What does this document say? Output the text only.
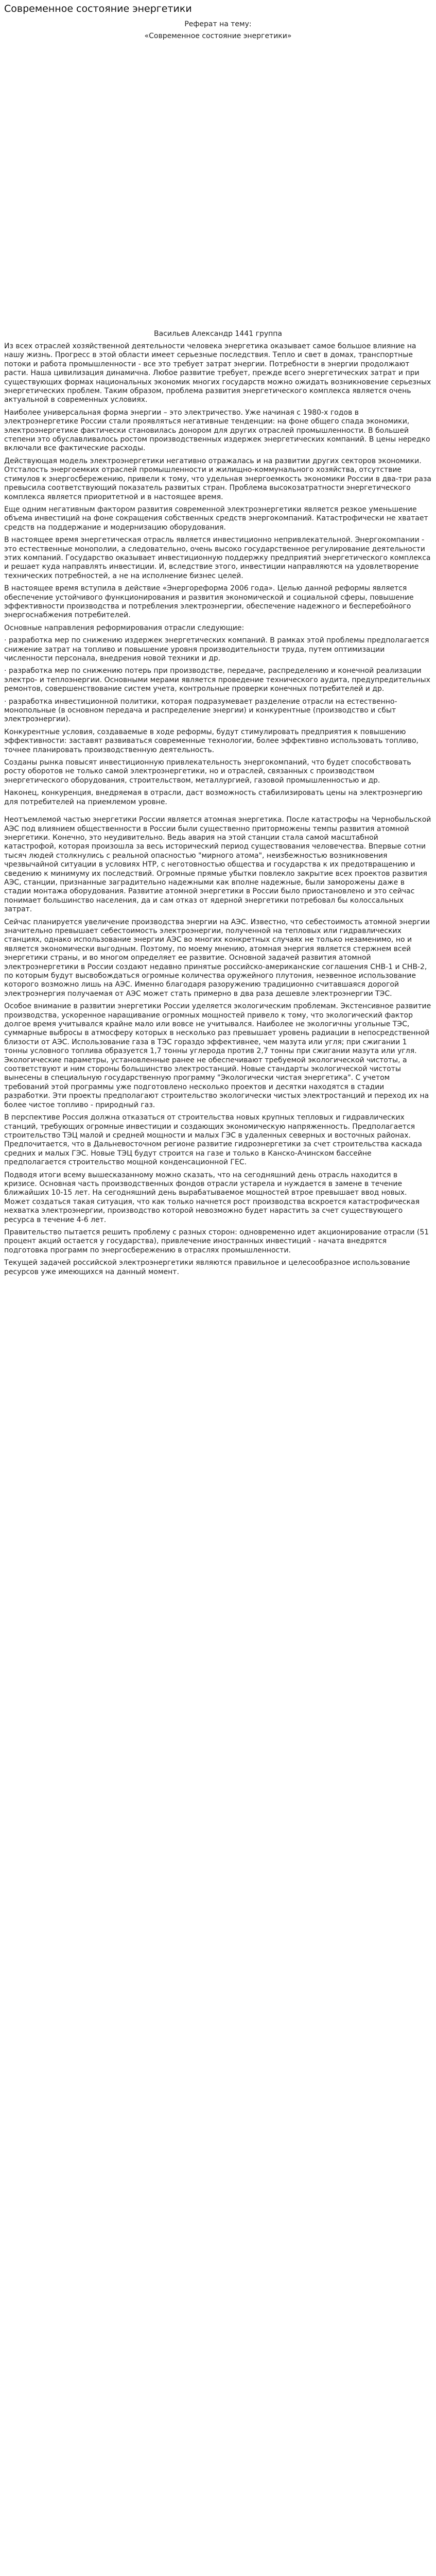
Современное состояние энергетики
Реферат на тему:
«Современное состояние энергетики»
Васильев Александр 1441 группа

Из всех отраслей хозяйственной деятельности человека энергетика оказывает самое большое влияние на нашу жизнь. Прогресс в этой области имеет серьезные последствия. Тепло и свет в домах, транспортные потоки и работа промышленности - все это требует затрат энергии. Потребности в энергии продолжают расти. Наша цивилизация динамична. Любое развитие требует, прежде всего энергетических затрат и при существующих формах национальных экономик многих государств можно ожидать возникновение серьезных энергетических проблем. Таким образом, проблема развития энергетического комплекса является очень актуальной в современных условиях.

Наиболее универсальная форма энергии – это электричество. Уже начиная с 1980-х годов в электроэнергетике России стали проявляться негативные тенденции: на фоне общего спада экономики, электроэнергетике фактически становилась донором для других отраслей промышленности. В большей степени это обуславливалось ростом производственных издержек энергетических компаний. В цены нередко включали все фактические расходы.

Действующая модель электроэнергетики негативно отражалась и на развитии других секторов экономики. Отсталость энергоемких отраслей промышленности и жилищно-коммунального хозяйства, отсутствие стимулов к энергосбережению, привели к тому, что удельная энергоемкость экономики России в два-три раза превысила соответствующий показатель развитых стран. Проблема высокозатратности энергетического комплекса является приоритетной и в настоящее время.

Еще одним негативным фактором развития современной электроэнергетики является резкое уменьшение объема инвестиций на фоне сокращения собственных средств энергокомпаний. Катастрофически не хватает средств на поддержание и модернизацию оборудования.

В настоящее время энергетическая отрасль является инвестиционно непривлекательной. Энергокомпании - это естественные монополии, а следовательно, очень высоко государственное регулирование деятельности этих компаний. Государство оказывает инвестиционную поддержку предприятий энергетического комплекса и решает куда направлять инвестиции. И, вследствие этого, инвестиции направляются на удовлетворение технических потребностей, а не на исполнение бизнес целей.

В настоящее время вступила в действие «Энергореформа 2006 года». Целью данной реформы является обеспечение устойчивого функционирования и развития экономической и социальной сферы, повышение эффективности производства и потребления электроэнергии, обеспечение надежного и бесперебойного энергоснабжения потребителей.

Основные направления реформирования отрасли следующие:

· разработка мер по снижению издержек энергетических компаний. В рамках этой проблемы предполагается снижение затрат на топливо и повышение уровня производительности труда, путем оптимизации численности персонала, внедрения новой техники и др.

· разработка мер по снижению потерь при производстве, передаче, распределению и конечной реализации электро- и теплоэнергии. Основными мерами является проведение технического аудита, предупредительных ремонтов, совершенствование систем учета, контрольные проверки конечных потребителей и др.

· разработка инвестиционной политики, которая подразумевает разделение отрасли на естественно- монопольные (в основном передача и распределение энергии) и конкурентные (производство и сбыт электроэнергии).

Конкурентные условия, создаваемые в ходе реформы, будут стимулировать предприятия к повышению эффективности: заставят развиваться современные технологии, более эффективно использовать топливо, точнее планировать производственную деятельность.

Созданы рынка повысят инвестиционную привлекательность энергокомпаний, что будет способствовать росту оборотов не только самой электроэнергетики, но и отраслей, связанных с производством энергетического оборудования, строительством, металлургией, газовой промышленностью и др.

Наконец, конкуренция, внедряемая в отрасли, даст возможность стабилизировать цены на электроэнергию для потребителей на приемлемом уровне.

Неотъемлемой частью энергетики России является атомная энергетика. После катастрофы на Чернобыльской АЭС под влиянием общественности в России были существенно приторможены темпы развития атомной энергетики. Конечно, это неудивительно. Ведь авария на этой станции стала самой масштабной катастрофой, которая произошла за весь исторический период существования человечества. Впервые сотни тысяч людей столкнулись с реальной опасностью "мирного атома", неизбежностью возникновения чрезвычайной ситуации в условиях НТР, с неготовностью общества и государства к их предотвращению и сведению к минимуму их последствий. Огромные прямые убытки повлекло закрытие всех проектов развития АЭС, станции, признанные заградительно надежными как вполне надежные, были заморожены даже в стадии монтажа оборудования. Развитие атомной энергетики в России было приостановлено и это сейчас понимает большинство населения, да и сам отказ от ядерной энергетики потребовал бы колоссальных затрат.

Сейчас планируется увеличение производства энергии на АЭС. Известно, что себестоимость атомной энергии значительно превышает себестоимость электроэнергии, полученной на тепловых или гидравлических станциях, однако использование энергии АЭС во многих конкретных случаях не только незаменимо, но и является экономически выгодным. Поэтому, по моему мнению, атомная энергия является стержнем всей энергетики страны, и во многом определяет ее развитие. Основной задачей развития атомной электроэнергетики в России создают недавно принятые российско-американские соглашения СНВ-1 и СНВ-2, по которым будут высвобождаться огромные количества оружейного плутония, неэвенное использование которого возможно лишь на АЭС. Именно благодаря разоружению традиционно считавшаяся дорогой электроэнергия получаемая от АЭС может стать примерно в два раза дешевле электроэнергии ТЭС.

Особое внимание в развитии энергетики России уделяется экологическим проблемам. Экстенсивное развитие производства, ускоренное наращивание огромных мощностей привело к тому, что экологический фактор долгое время учитывался крайне мало или вовсе не учитывался. Наиболее не экологичны угольные ТЭС, суммарные выбросы в атмосферу которых в несколько раз превышает уровень радиации в непосредственной близости от АЭС. Использование газа в ТЭС гораздо эффективнее, чем мазута или угля; при сжигании 1 тонны условного топлива образуется 1,7 тонны углерода против 2,7 тонны при сжигании мазута или угля. Экологические параметры, установленные ранее не обеспечивают требуемой экологической чистоты, а соответствуют и ним стороны большинство электростанций. Новые стандарты экологической чистоты вынесены в специальную государственную программу "Экологически чистая энергетика". С учетом требований этой программы уже подготовлено несколько проектов и десятки находятся в стадии разработки. Эти проекты предполагают строительство экологически чистых электростанций и переход их на более чистое топливо - природный газ.

В перспективе Россия должна отказаться от строительства новых крупных тепловых и гидравлических станций, требующих огромные инвестиции и создающих экономическую напряженность. Предполагается строительство ТЭЦ малой и средней мощности и малых ГЭС в удаленных северных и восточных районах. Предпочитается, что в Дальневосточном регионе развитие гидроэнергетики за счет строительства каскада средних и малых ГЭС. Новые ТЭЦ будут строится на газе и только в Канско-Ачинском бассейне предполагается строительство мощной конденсационной ГЕС.

Подводя итоги всему вышесказанному можно сказать, что на сегодняшний день отрасль находится в кризисе. Основная часть производственных фондов отрасли устарела и нуждается в замене в течение ближайших 10-15 лет. На сегодняшний день вырабатываемое мощностей втрое превышает ввод новых. Может создаться такая ситуация, что как только начнется рост производства вскроется катастрофическая нехватка электроэнергии, производство которой невозможно будет нарастить за счет существующего ресурса в течение 4-6 лет.

Правительство пытается решить проблему с разных сторон: одновременно идет акционирование отрасли (51 процент акций остается у государства), привлечение иностранных инвестиций - начата внедрятся подготовка программ по энергосбережению в отраслях промышленности.

Текущей задачей российской электроэнергетики являются правильное и целесообразное использование ресурсов уже имеющихся на данный момент.
